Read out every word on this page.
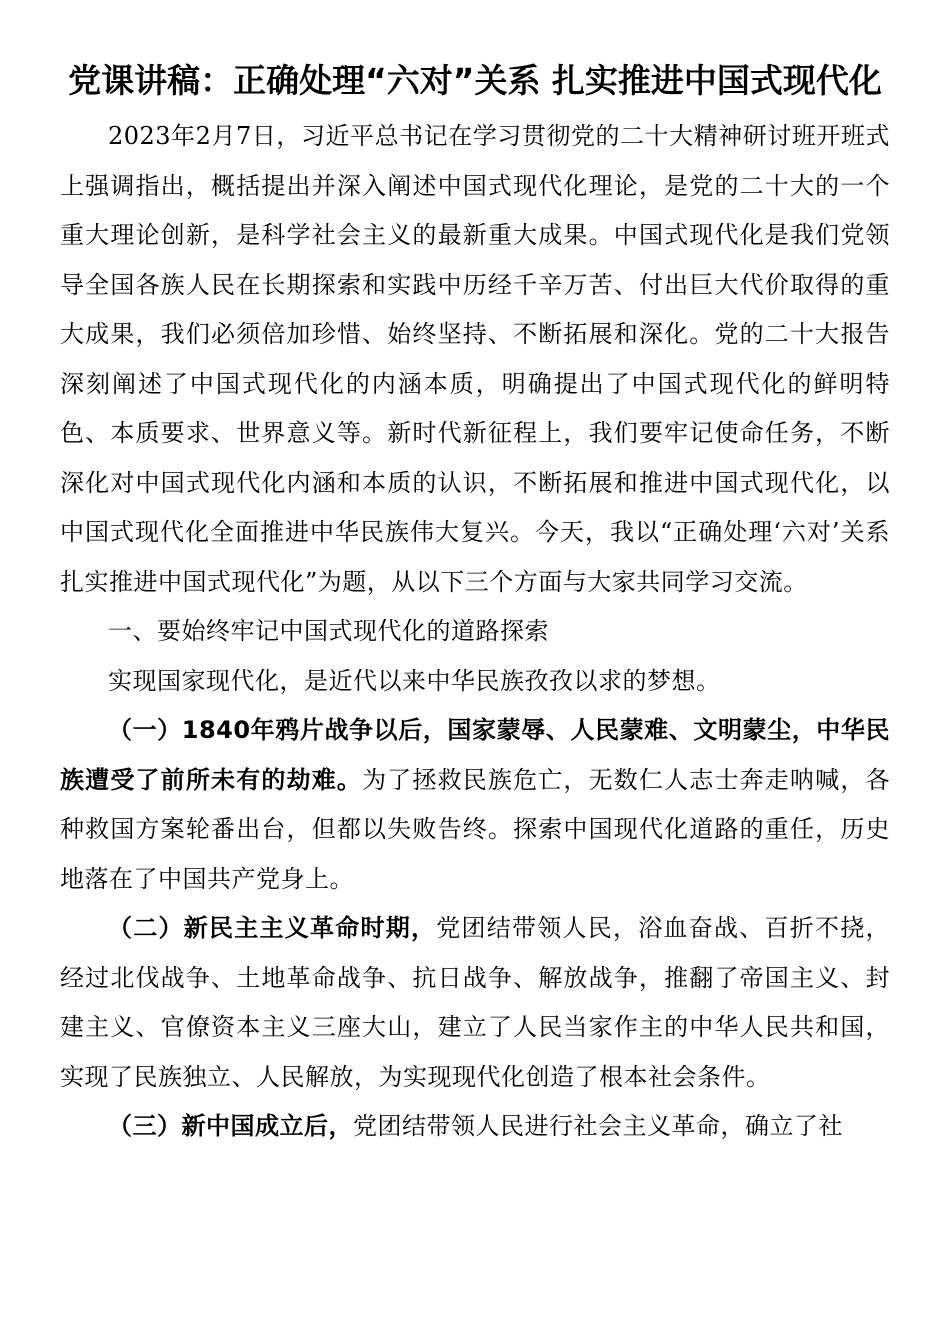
党课讲稿：正确处理“六对”关系 扎实推进中国式现代化

2023年2月7日，习近平总书记在学习贯彻党的二十大精神研讨班开班式上强调指出，概括提出并深入阐述中国式现代化理论，是党的二十大的一个重大理论创新，是科学社会主义的最新重大成果。中国式现代化是我们党领导全国各族人民在长期探索和实践中历经千辛万苦、付出巨大代价取得的重大成果，我们必须倍加珍惜、始终坚持、不断拓展和深化。党的二十大报告深刻阐述了中国式现代化的内涵本质，明确提出了中国式现代化的鲜明特色、本质要求、世界意义等。新时代新征程上，我们要牢记使命任务，不断深化对中国式现代化内涵和本质的认识，不断拓展和推进中国式现代化，以中国式现代化全面推进中华民族伟大复兴。今天，我以“正确处理‘六对’关系 扎实推进中国式现代化”为题，从以下三个方面与大家共同学习交流。

一、要始终牢记中国式现代化的道路探索

实现国家现代化，是近代以来中华民族孜孜以求的梦想。

（一）1840年鸦片战争以后，国家蒙辱、人民蒙难、文明蒙尘，中华民族遭受了前所未有的劫难。为了拯救民族危亡，无数仁人志士奔走呐喊，各种救国方案轮番出台，但都以失败告终。探索中国现代化道路的重任，历史地落在了中国共产党身上。

（二）新民主主义革命时期，党团结带领人民，浴血奋战、百折不挠，经过北伐战争、土地革命战争、抗日战争、解放战争，推翻了帝国主义、封建主义、官僚资本主义三座大山，建立了人民当家作主的中华人民共和国，实现了民族独立、人民解放，为实现现代化创造了根本社会条件。

（三）新中国成立后，党团结带领人民进行社会主义革命，确立了社
